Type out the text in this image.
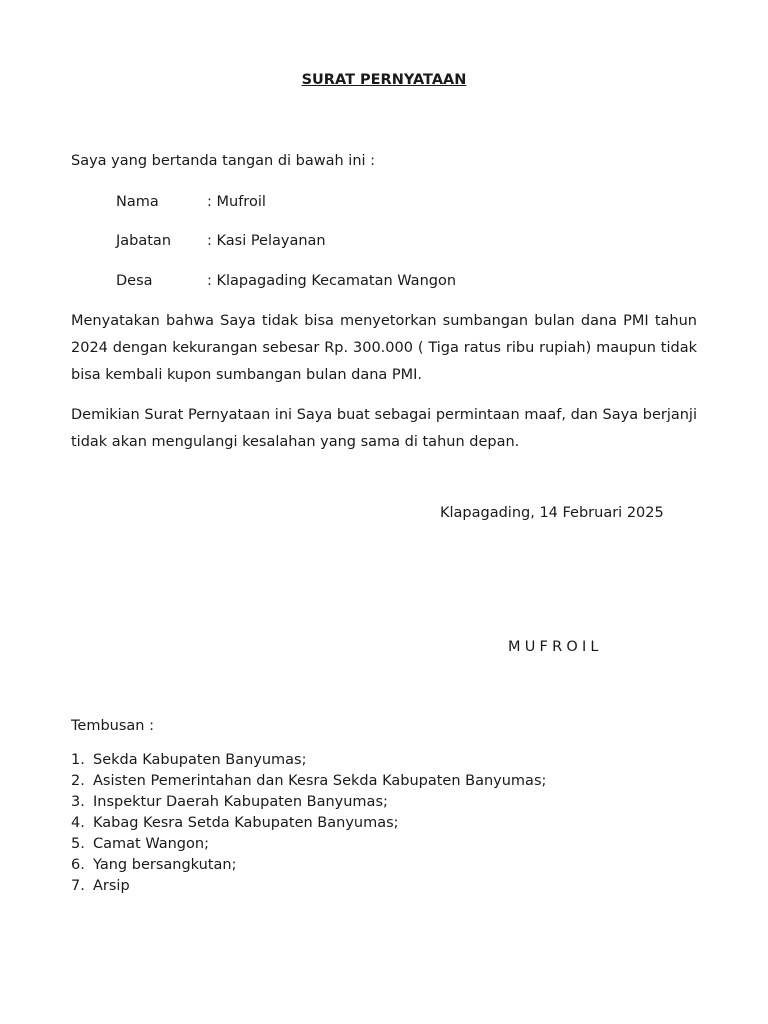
SURAT PERNYATAAN
Saya yang bertanda tangan di bawah ini :
Nama	: Mufroil
Jabatan : Kasi Pelayanan
Desa	: Klapagading Kecamatan Wangon
Menyatakan bahwa Saya tidak bisa menyetorkan sumbangan bulan dana PMI tahun 2024 dengan kekurangan sebesar Rp. 300.000 ( Tiga ratus ribu rupiah) maupun tidak bisa kembali kupon sumbangan bulan dana PMI.
Demikian Surat Pernyataan ini Saya buat sebagai permintaan maaf, dan Saya berjanji tidak akan mengulangi kesalahan yang sama di tahun depan.
Klapagading, 14 Februari 2025
MUFROIL
Tembusan :
1. Sekda Kabupaten Banyumas;
2. Asisten Pemerintahan dan Kesra Sekda Kabupaten Banyumas;
3. Inspektur Daerah Kabupaten Banyumas;
4. Kabag Kesra Setda Kabupaten Banyumas;
5. Camat Wangon;
6. Yang bersangkutan;
7. Arsip
